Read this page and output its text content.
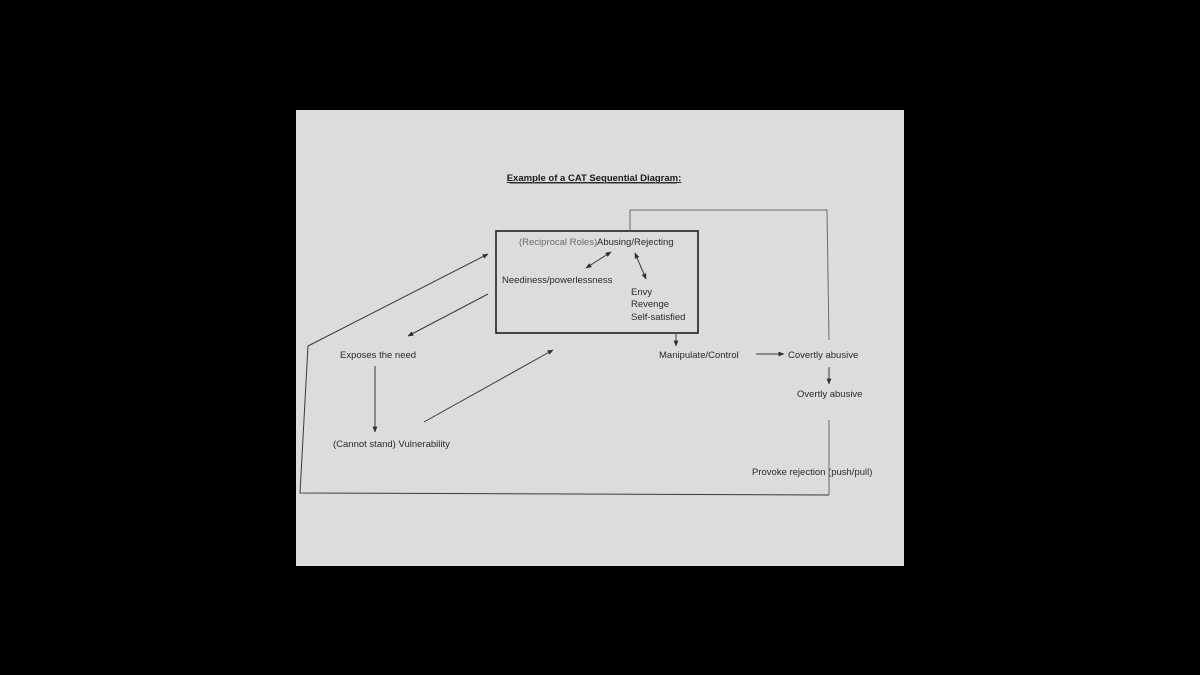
Example of a CAT Sequential Diagram:
(Reciprocal Roles) Abusing/Rejecting
Neediness/powerlessness
Envy
Revenge
Self-satisfied
Exposes the need
(Cannot stand) Vulnerability
Manipulate/Control	Covertly abusive
Overtly abusive
Provoke rejection (push/pull)
